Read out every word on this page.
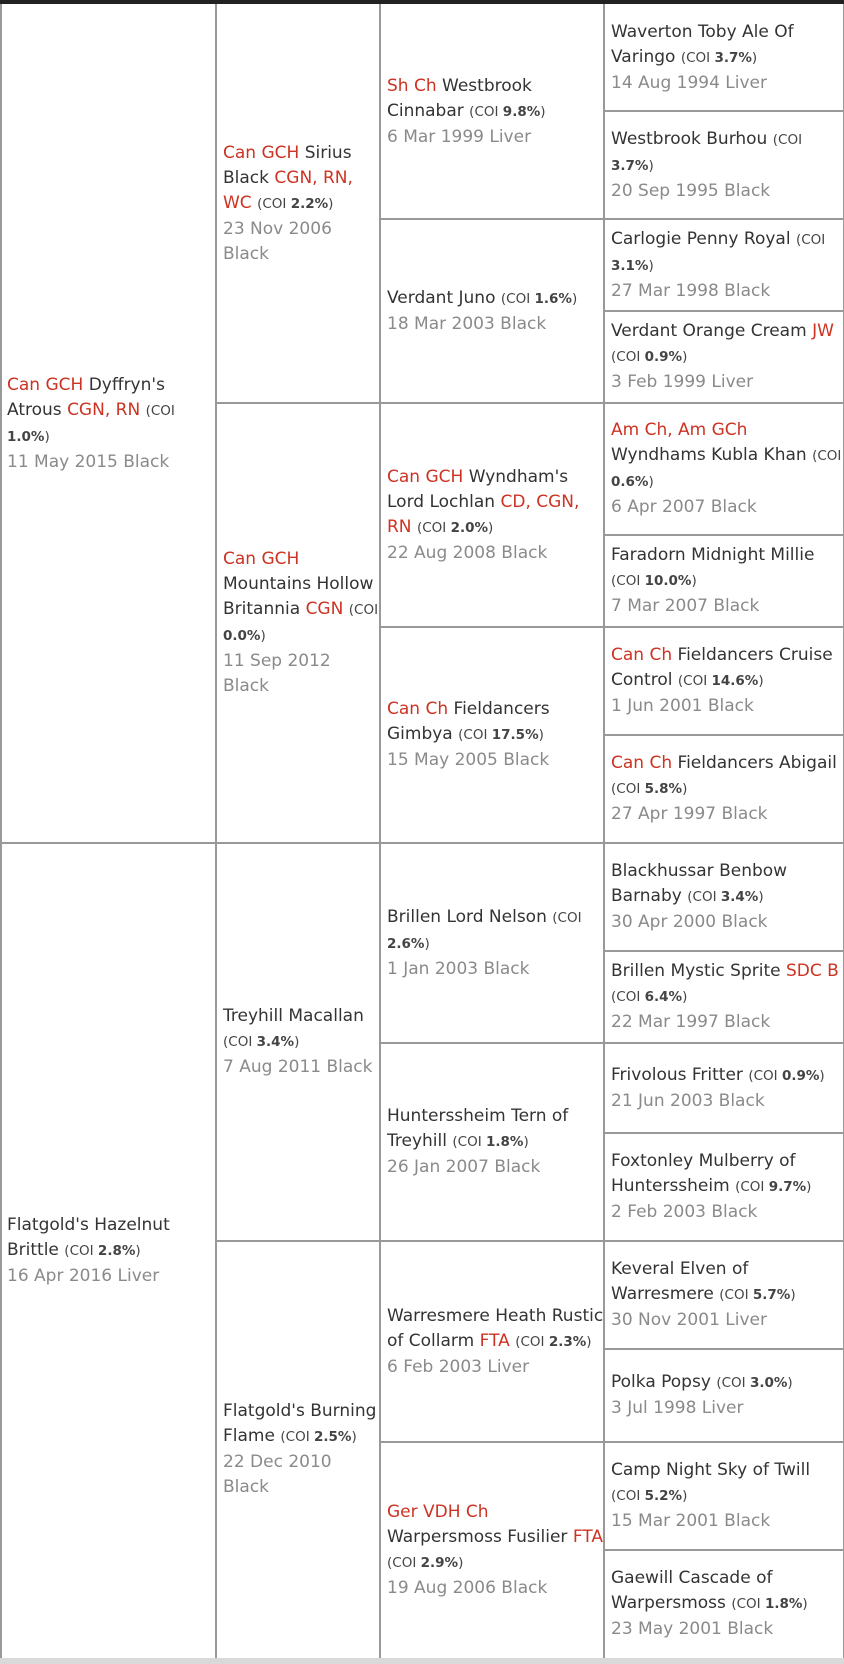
Can GCH Dyffryn's Atrous CGN, RN (COI 1.0%)
11 May 2015 Black
Can GCH Sirius Black CGN, RN, WC (COI 2.2%)
23 Nov 2006 Black
Sh Ch Westbrook Cinnabar (COI 9.8%)
6 Mar 1999 Liver
Waverton Toby Ale Of Varingo (COI 3.7%)
14 Aug 1994 Liver
Westbrook Burhou (COI 3.7%)
20 Sep 1995 Black
Verdant Juno (COI 1.6%)
18 Mar 2003 Black
Carlogie Penny Royal (COI 3.1%)
27 Mar 1998 Black
Verdant Orange Cream JW (COI 0.9%)
3 Feb 1999 Liver
Can GCH Mountains Hollow Britannia CGN (COI 0.0%)
11 Sep 2012 Black
Can GCH Wyndham's Lord Lochlan CD, CGN, RN (COI 2.0%)
22 Aug 2008 Black
Am Ch, Am GCh Wyndhams Kubla Khan (COI 0.6%)
6 Apr 2007 Black
Faradorn Midnight Millie (COI 10.0%)
7 Mar 2007 Black
Can Ch Fieldancers Gimbya (COI 17.5%)
15 May 2005 Black
Can Ch Fieldancers Cruise Control (COI 14.6%)
1 Jun 2001 Black
Can Ch Fieldancers Abigail (COI 5.8%)
27 Apr 1997 Black
Flatgold's Hazelnut Brittle (COI 2.8%)
16 Apr 2016 Liver
Treyhill Macallan (COI 3.4%)
7 Aug 2011 Black
Brillen Lord Nelson (COI 2.6%)
1 Jan 2003 Black
Blackhussar Benbow Barnaby (COI 3.4%)
30 Apr 2000 Black
Brillen Mystic Sprite SDC B (COI 6.4%)
22 Mar 1997 Black
Hunterssheim Tern of Treyhill (COI 1.8%)
26 Jan 2007 Black
Frivolous Fritter (COI 0.9%)
21 Jun 2003 Black
Foxtonley Mulberry of Hunterssheim (COI 9.7%)
2 Feb 2003 Black
Flatgold's Burning Flame (COI 2.5%)
22 Dec 2010 Black
Warresmere Heath Rustic of Collarm FTA (COI 2.3%)
6 Feb 2003 Liver
Keveral Elven of Warresmere (COI 5.7%)
30 Nov 2001 Liver
Polka Popsy (COI 3.0%)
3 Jul 1998 Liver
Ger VDH Ch Warpersmoss Fusilier FTA (COI 2.9%)
19 Aug 2006 Black
Camp Night Sky of Twill (COI 5.2%)
15 Mar 2001 Black
Gaewill Cascade of Warpersmoss (COI 1.8%)
23 May 2001 Black
